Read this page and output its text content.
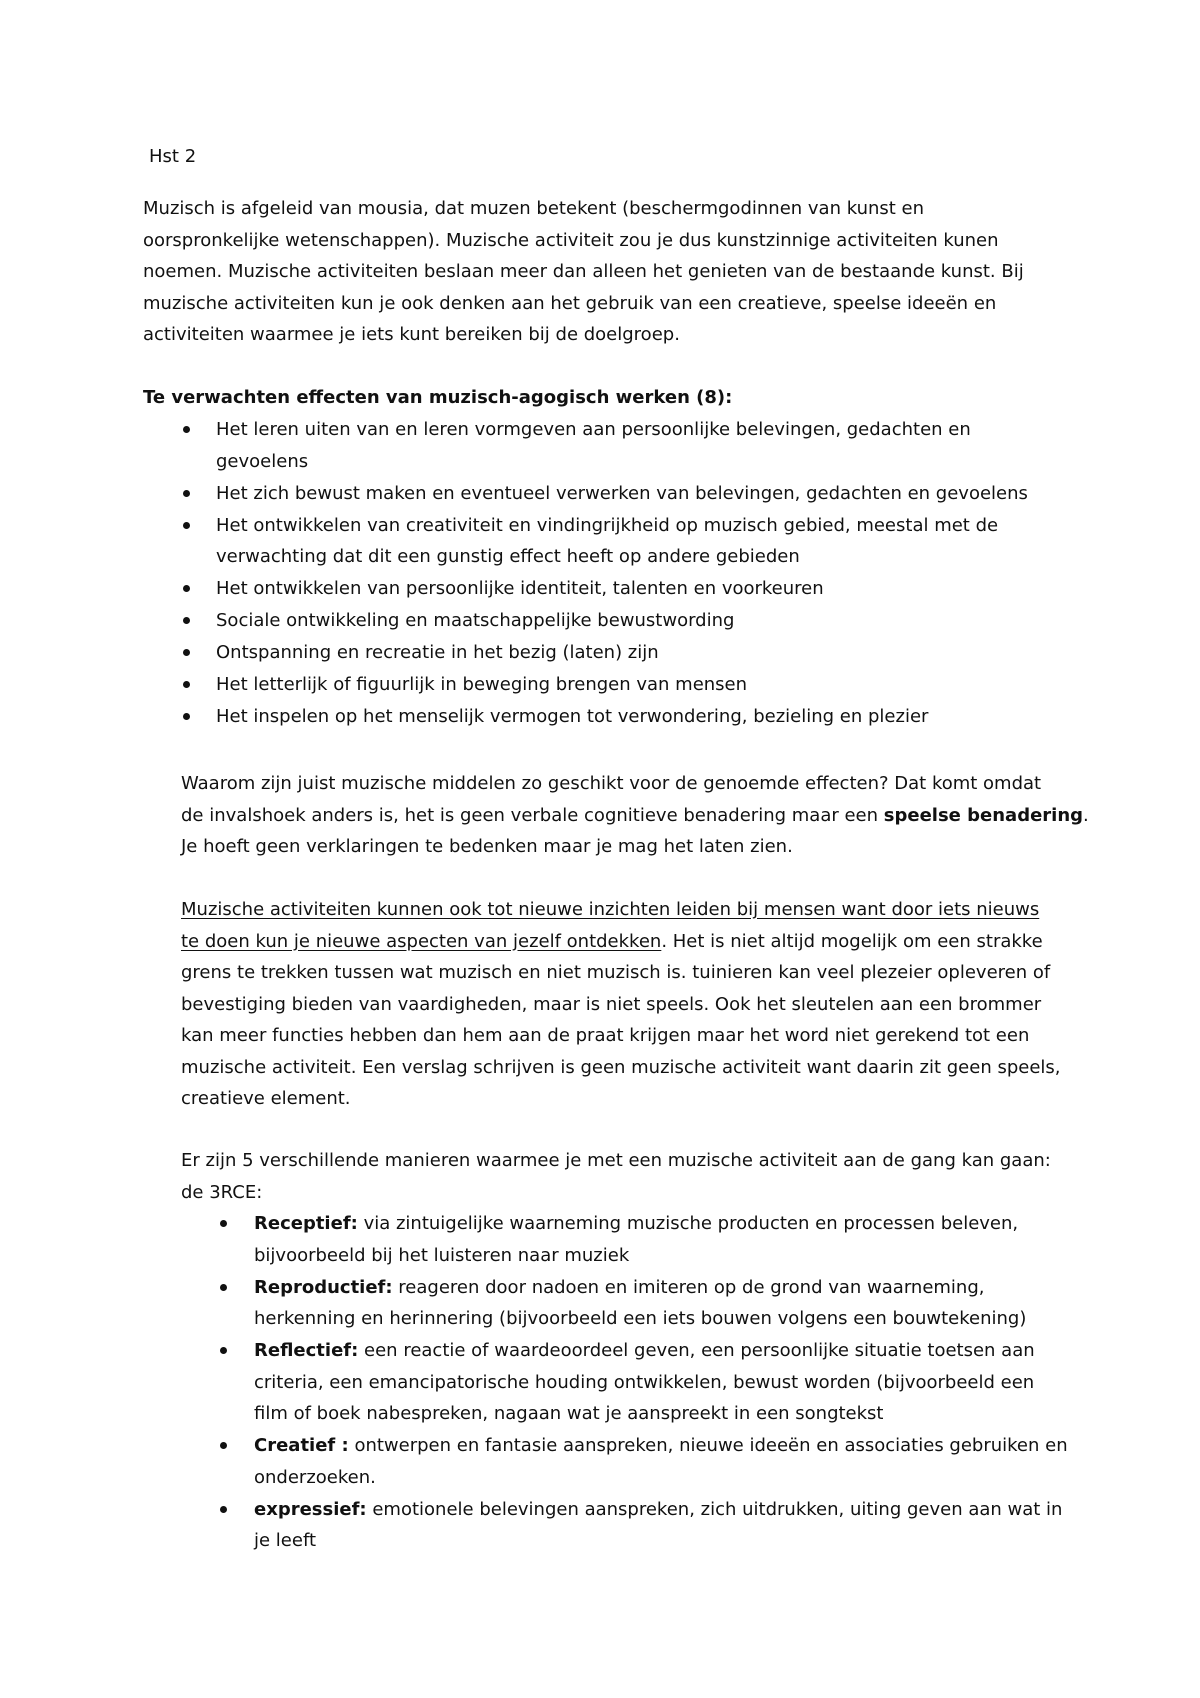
Hst 2
Muzisch is afgeleid van mousia, dat muzen betekent (beschermgodinnen van kunst en
oorspronkelijke wetenschappen). Muzische activiteit zou je dus kunstzinnige activiteiten kunen
noemen. Muzische activiteiten beslaan meer dan alleen het genieten van de bestaande kunst. Bij
muzische activiteiten kun je ook denken aan het gebruik van een creatieve, speelse ideeën en
activiteiten waarmee je iets kunt bereiken bij de doelgroep.
Te verwachten effecten van muzisch-agogisch werken (8):
Het leren uiten van en leren vormgeven aan persoonlijke belevingen, gedachten en
gevoelens
Het zich bewust maken en eventueel verwerken van belevingen, gedachten en gevoelens
Het ontwikkelen van creativiteit en vindingrijkheid op muzisch gebied, meestal met de
verwachting dat dit een gunstig effect heeft op andere gebieden
Het ontwikkelen van persoonlijke identiteit, talenten en voorkeuren
Sociale ontwikkeling en maatschappelijke bewustwording
Ontspanning en recreatie in het bezig (laten) zijn
Het letterlijk of figuurlijk in beweging brengen van mensen
Het inspelen op het menselijk vermogen tot verwondering, bezieling en plezier
Waarom zijn juist muzische middelen zo geschikt voor de genoemde effecten? Dat komt omdat
de invalshoek anders is, het is geen verbale cognitieve benadering maar een speelse benadering.
Je hoeft geen verklaringen te bedenken maar je mag het laten zien.
Muzische activiteiten kunnen ook tot nieuwe inzichten leiden bij mensen want door iets nieuws
te doen kun je nieuwe aspecten van jezelf ontdekken. Het is niet altijd mogelijk om een strakke
grens te trekken tussen wat muzisch en niet muzisch is. tuinieren kan veel plezeier opleveren of
bevestiging bieden van vaardigheden, maar is niet speels. Ook het sleutelen aan een brommer
kan meer functies hebben dan hem aan de praat krijgen maar het word niet gerekend tot een
muzische activiteit. Een verslag schrijven is geen muzische activiteit want daarin zit geen speels,
creatieve element.
Er zijn 5 verschillende manieren waarmee je met een muzische activiteit aan de gang kan gaan:
de 3RCE:
Receptief: via zintuigelijke waarneming muzische producten en processen beleven,
bijvoorbeeld bij het luisteren naar muziek
Reproductief: reageren door nadoen en imiteren op de grond van waarneming,
herkenning en herinnering (bijvoorbeeld een iets bouwen volgens een bouwtekening)
Reflectief: een reactie of waardeoordeel geven, een persoonlijke situatie toetsen aan
criteria, een emancipatorische houding ontwikkelen, bewust worden (bijvoorbeeld een
film of boek nabespreken, nagaan wat je aanspreekt in een songtekst
Creatief : ontwerpen en fantasie aanspreken, nieuwe ideeën en associaties gebruiken en
onderzoeken.
expressief: emotionele belevingen aanspreken, zich uitdrukken, uiting geven aan wat in
je leeft
